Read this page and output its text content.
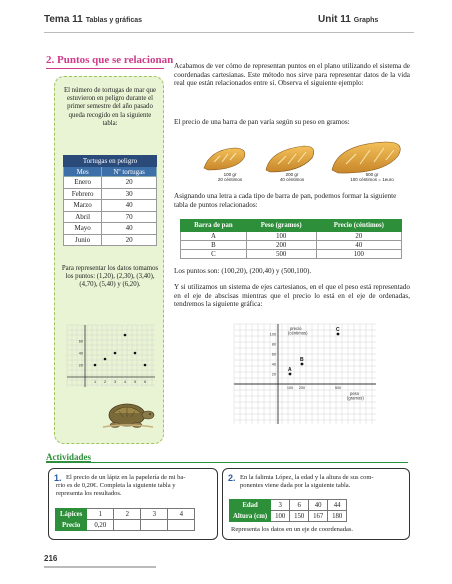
Tema 11 Tablas y gráficas	Unit 11 Graphs
2. Puntos que se relacionan
El número de tortugas de mar que estuvieron en peligro durante el primer semestre del año pasado queda recogido en la siguiente tabla:
Tortugas en peligro	
Mes	Nº tortugas
Enero	20
Febrero	30
Marzo	40
Abril	70
Mayo	40
Junio	20
Para representar los datos tomamos los puntos: (1,20), (2,30), (3,40), (4,70), (5,40) y (6,20).
1 2 3 4 5 6
20
40
60
Acabamos de ver cómo de representan puntos en el plano utilizando el sistema de coordenadas cartesianas. Este método nos sirve para representar datos de la vida real que están relacionados entre sí. Observa el siguiente ejemplo:
El precio de una barra de pan varía según su peso en gramos:
100 gr
20 céntimos
200 gr
40 céntimos
500 gr
100 céntimos = 1euro
Asignando una letra a cada tipo de barra de pan, podemos formar la siguiente tabla de puntos relacionados:
Barra de pan	Peso (gramos)	Precio (céntimos)
A	100	20
B	200	40
C	500	100
Los puntos son: (100,20), (200,40) y (500,100).
Y si utilizamos un sistema de ejes cartesianos, en el que el peso está representado en el eje de abscisas mientras que el precio lo está en el eje de ordenadas, tendremos la siguiente gráfica:
precio
(céntimos)
peso
(gramos)
20
40
60
80
100
100 200	500
A
B
C
Actividades
1. El precio de un lápiz en la papelería de mi ba-
rrio es de 0,20€. Completa la siguiente tabla y
representa los resultados.
Lápices	1	2	3	4
Precio	0,20			
2. En la falimia López, la edad y la altura de sus com-
ponentes viene dada por la siguiente tabla.
Edad	3	6	40	44
Altura (cm)	100	150	167	180
Representa los datos en un eje de coordenadas.
216
